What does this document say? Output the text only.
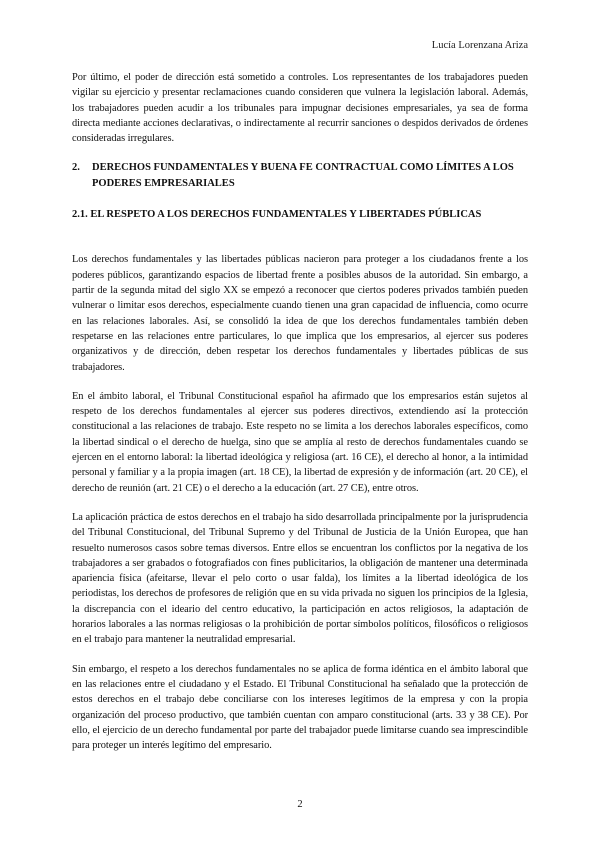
Lucía Lorenzana Ariza

Por último, el poder de dirección está sometido a controles. Los representantes de los trabajadores pueden vigilar su ejercicio y presentar reclamaciones cuando consideren que vulnera la legislación laboral. Además, los trabajadores pueden acudir a los tribunales para impugnar decisiones empresariales, ya sea de forma directa mediante acciones declarativas, o indirectamente al recurrir sanciones o despidos derivados de órdenes consideradas irregulares.

2.	DERECHOS FUNDAMENTALES Y BUENA FE CONTRACTUAL COMO LÍMITES A LOS PODERES EMPRESARIALES
2.1. EL RESPETO A LOS DERECHOS FUNDAMENTALES Y LIBERTADES PÚBLICAS

Los derechos fundamentales y las libertades públicas nacieron para proteger a los ciudadanos frente a los poderes públicos, garantizando espacios de libertad frente a posibles abusos de la autoridad. Sin embargo, a partir de la segunda mitad del siglo XX se empezó a reconocer que ciertos poderes privados también pueden vulnerar o limitar esos derechos, especialmente cuando tienen una gran capacidad de influencia, como ocurre en las relaciones laborales. Así, se consolidó la idea de que los derechos fundamentales también deben respetarse en las relaciones entre particulares, lo que implica que los empresarios, al ejercer sus poderes organizativos y de dirección, deben respetar los derechos fundamentales y libertades públicas de sus trabajadores.

En el ámbito laboral, el Tribunal Constitucional español ha afirmado que los empresarios están sujetos al respeto de los derechos fundamentales al ejercer sus poderes directivos, extendiendo así la protección constitucional a las relaciones de trabajo. Este respeto no se limita a los derechos laborales específicos, como la libertad sindical o el derecho de huelga, sino que se amplía al resto de derechos fundamentales cuando se ejercen en el entorno laboral: la libertad ideológica y religiosa (art. 16 CE), el derecho al honor, a la intimidad personal y familiar y a la propia imagen (art. 18 CE), la libertad de expresión y de información (art. 20 CE), el derecho de reunión (art. 21 CE) o el derecho a la educación (art. 27 CE), entre otros.

La aplicación práctica de estos derechos en el trabajo ha sido desarrollada principalmente por la jurisprudencia del Tribunal Constitucional, del Tribunal Supremo y del Tribunal de Justicia de la Unión Europea, que han resuelto numerosos casos sobre temas diversos. Entre ellos se encuentran los conflictos por la negativa de los trabajadores a ser grabados o fotografiados con fines publicitarios, la obligación de mantener una determinada apariencia física (afeitarse, llevar el pelo corto o usar falda), los límites a la libertad ideológica de los periodistas, los derechos de profesores de religión que en su vida privada no siguen los principios de la Iglesia, la discrepancia con el ideario del centro educativo, la participación en actos religiosos, la adaptación de horarios laborales a las normas religiosas o la prohibición de portar símbolos políticos, filosóficos o religiosos en el trabajo para mantener la neutralidad empresarial.

Sin embargo, el respeto a los derechos fundamentales no se aplica de forma idéntica en el ámbito laboral que en las relaciones entre el ciudadano y el Estado. El Tribunal Constitucional ha señalado que la protección de estos derechos en el trabajo debe conciliarse con los intereses legítimos de la empresa y con la propia organización del proceso productivo, que también cuentan con amparo constitucional (arts. 33 y 38 CE). Por ello, el ejercicio de un derecho fundamental por parte del trabajador puede limitarse cuando sea imprescindible para proteger un interés legítimo del empresario.

2
